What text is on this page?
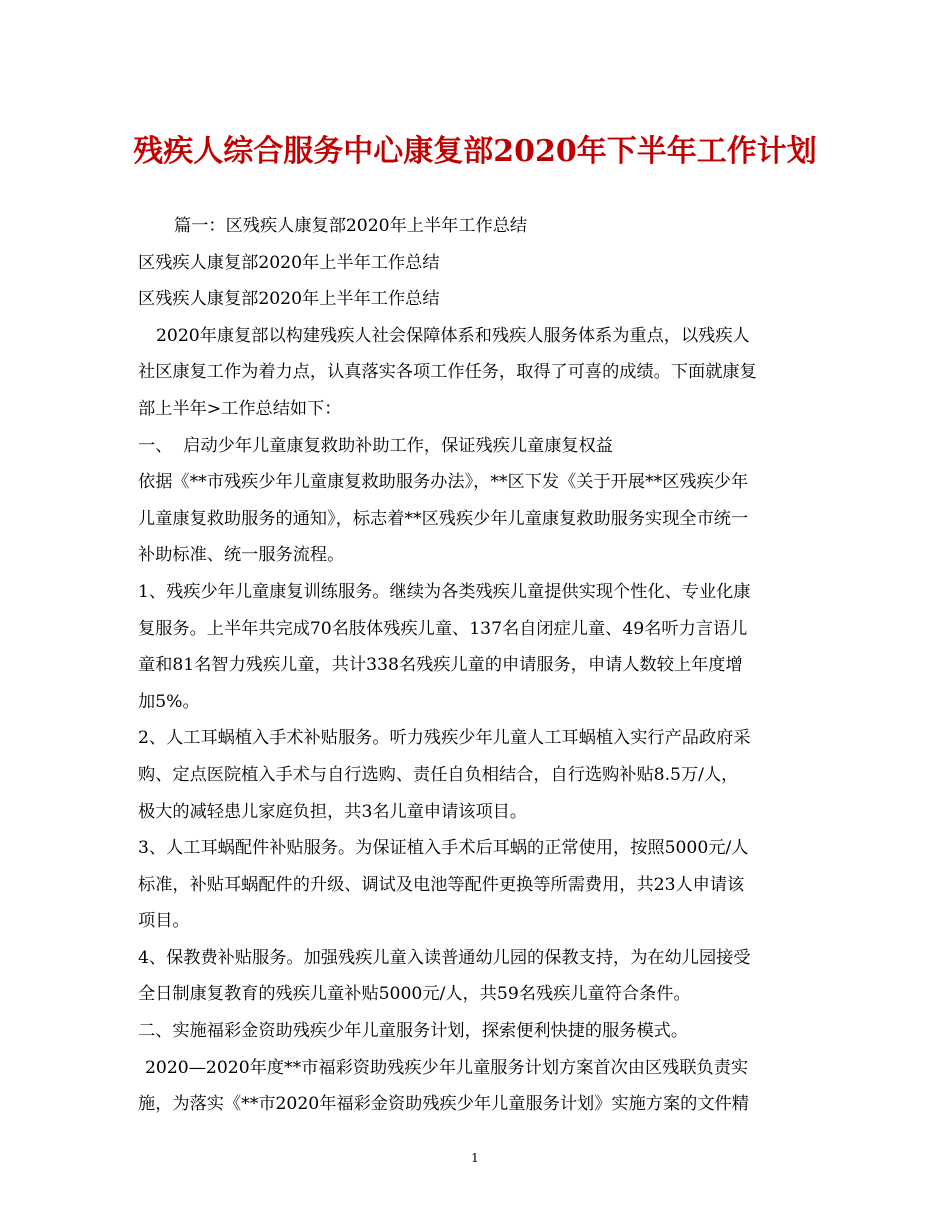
残疾人综合服务中心康复部2020年下半年工作计划
篇一：区残疾人康复部2020年上半年工作总结
区残疾人康复部2020年上半年工作总结
区残疾人康复部2020年上半年工作总结
2020年康复部以构建残疾人社会保障体系和残疾人服务体系为重点，以残疾人
社区康复工作为着力点，认真落实各项工作任务，取得了可喜的成绩。下面就康复
部上半年>工作总结如下：
一、  启动少年儿童康复救助补助工作，保证残疾儿童康复权益
依据《**市残疾少年儿童康复救助服务办法》，**区下发《关于开展**区残疾少年
儿童康复救助服务的通知》，标志着**区残疾少年儿童康复救助服务实现全市统一
补助标准、统一服务流程。
1、残疾少年儿童康复训练服务。继续为各类残疾儿童提供实现个性化、专业化康
复服务。上半年共完成70名肢体残疾儿童、137名自闭症儿童、49名听力言语儿
童和81名智力残疾儿童，共计338名残疾儿童的申请服务，申请人数较上年度增
加5%。
2、人工耳蜗植入手术补贴服务。听力残疾少年儿童人工耳蜗植入实行产品政府采
购、定点医院植入手术与自行选购、责任自负相结合，自行选购补贴8.5万/人，
极大的减轻患儿家庭负担，共3名儿童申请该项目。
3、人工耳蜗配件补贴服务。为保证植入手术后耳蜗的正常使用，按照5000元/人
标准，补贴耳蜗配件的升级、调试及电池等配件更换等所需费用，共23人申请该
项目。
4、保教费补贴服务。加强残疾儿童入读普通幼儿园的保教支持，为在幼儿园接受
全日制康复教育的残疾儿童补贴5000元/人，共59名残疾儿童符合条件。
二、实施福彩金资助残疾少年儿童服务计划，探索便利快捷的服务模式。
2020—2020年度**市福彩资助残疾少年儿童服务计划方案首次由区残联负责实
施，为落实《**市2020年福彩金资助残疾少年儿童服务计划》实施方案的文件精
1
